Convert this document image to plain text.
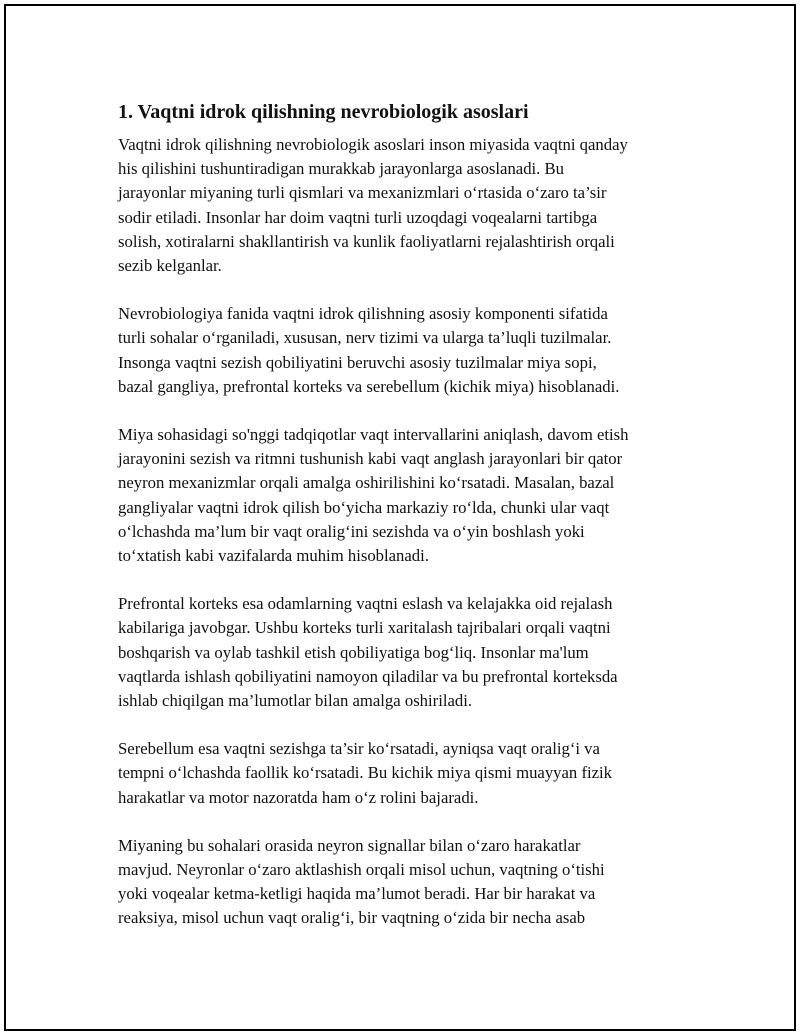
1. Vaqtni idrok qilishning nevrobiologik asoslari

Vaqtni idrok qilishning nevrobiologik asoslari inson miyasida vaqtni qanday
his qilishini tushuntiradigan murakkab jarayonlarga asoslanadi. Bu
jarayonlar miyaning turli qismlari va mexanizmlari o‘rtasida o‘zaro ta’sir
sodir etiladi. Insonlar har doim vaqtni turli uzoqdagi voqealarni tartibga
solish, xotiralarni shakllantirish va kunlik faoliyatlarni rejalashtirish orqali
sezib kelganlar.

Nevrobiologiya fanida vaqtni idrok qilishning asosiy komponenti sifatida
turli sohalar o‘rganiladi, xususan, nerv tizimi va ularga ta’luqli tuzilmalar.
Insonga vaqtni sezish qobiliyatini beruvchi asosiy tuzilmalar miya sopi,
bazal gangliya, prefrontal korteks va serebellum (kichik miya) hisoblanadi.

Miya sohasidagi so'nggi tadqiqotlar vaqt intervallarini aniqlash, davom etish
jarayonini sezish va ritmni tushunish kabi vaqt anglash jarayonlari bir qator
neyron mexanizmlar orqali amalga oshirilishini ko‘rsatadi. Masalan, bazal
gangliyalar vaqtni idrok qilish bo‘yicha markaziy ro‘lda, chunki ular vaqt
o‘lchashda ma’lum bir vaqt oralig‘ini sezishda va o‘yin boshlash yoki
to‘xtatish kabi vazifalarda muhim hisoblanadi.

Prefrontal korteks esa odamlarning vaqtni eslash va kelajakka oid rejalash
kabilariga javobgar. Ushbu korteks turli xaritalash tajribalari orqali vaqtni
boshqarish va oylab tashkil etish qobiliyatiga bog‘liq. Insonlar ma'lum
vaqtlarda ishlash qobiliyatini namoyon qiladilar va bu prefrontal korteksda
ishlab chiqilgan ma’lumotlar bilan amalga oshiriladi.

Serebellum esa vaqtni sezishga ta’sir ko‘rsatadi, ayniqsa vaqt oralig‘i va
tempni o‘lchashda faollik ko‘rsatadi. Bu kichik miya qismi muayyan fizik
harakatlar va motor nazoratda ham o‘z rolini bajaradi.

Miyaning bu sohalari orasida neyron signallar bilan o‘zaro harakatlar
mavjud. Neyronlar o‘zaro aktlashish orqali misol uchun, vaqtning o‘tishi
yoki voqealar ketma-ketligi haqida ma’lumot beradi. Har bir harakat va
reaksiya, misol uchun vaqt oralig‘i, bir vaqtning o‘zida bir necha asab
